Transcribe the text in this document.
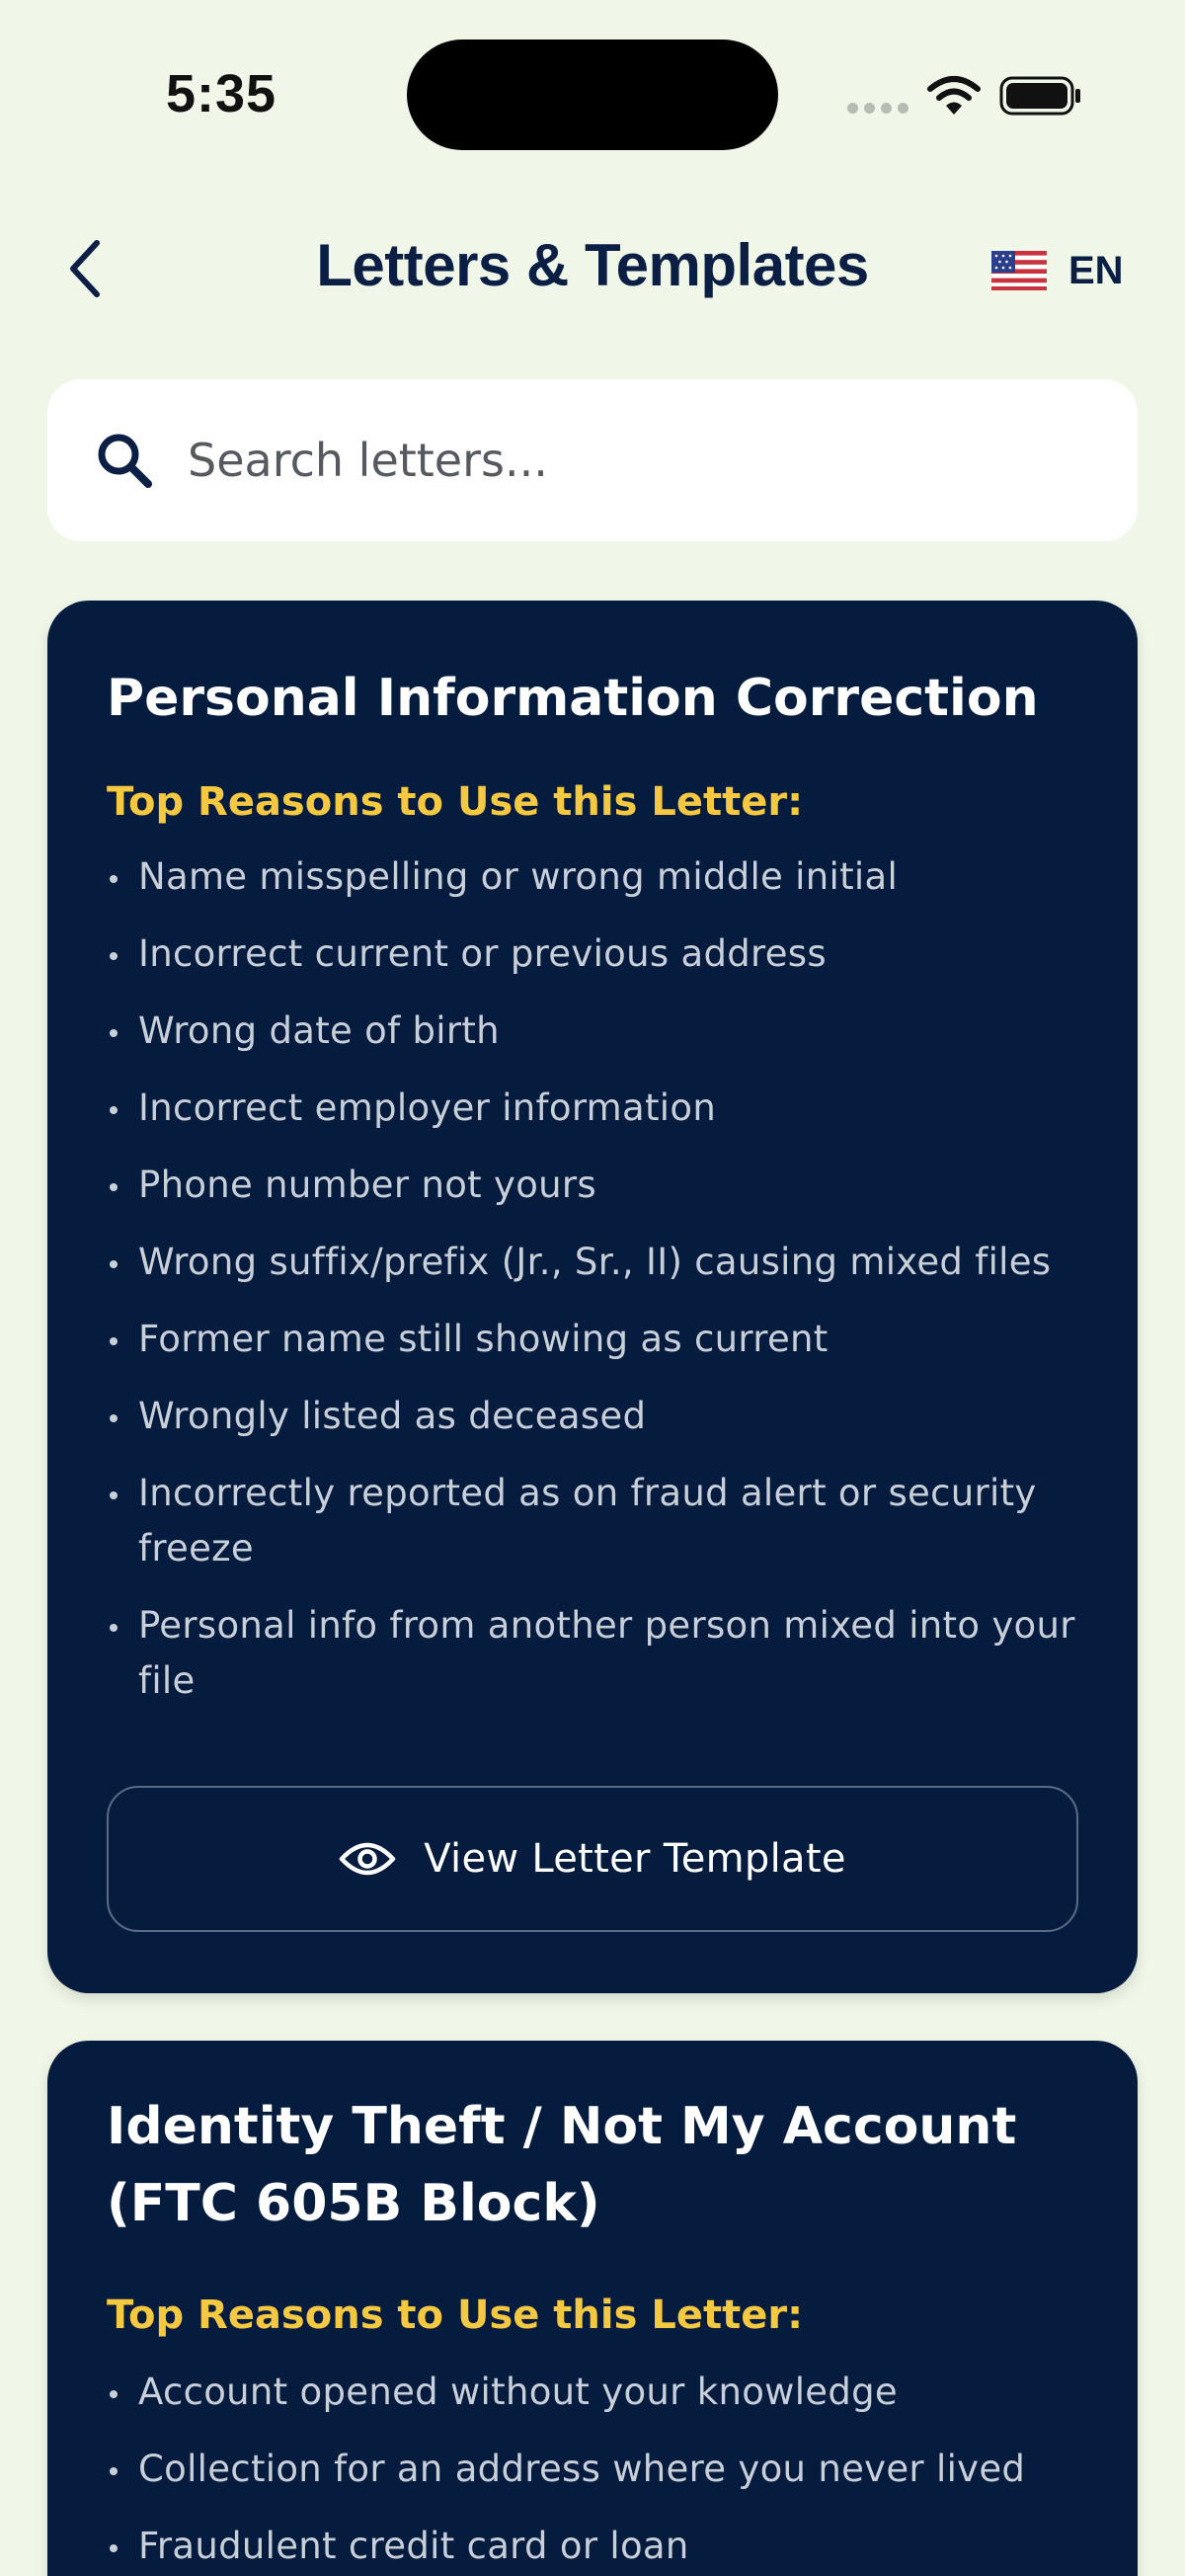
5:35
Letters & Templates	EN
Search letters...
Personal Information Correction
Top Reasons to Use this Letter:
Name misspelling or wrong middle initial
Incorrect current or previous address
Wrong date of birth
Incorrect employer information
Phone number not yours
Wrong suffix/prefix (Jr., Sr., II) causing mixed files
Former name still showing as current
Wrongly listed as deceased
Incorrectly reported as on fraud alert or security freeze
Personal info from another person mixed into your file
View Letter Template
Identity Theft / Not My Account (FTC 605B Block)
Top Reasons to Use this Letter:
Account opened without your knowledge
Collection for an address where you never lived
Fraudulent credit card or loan
